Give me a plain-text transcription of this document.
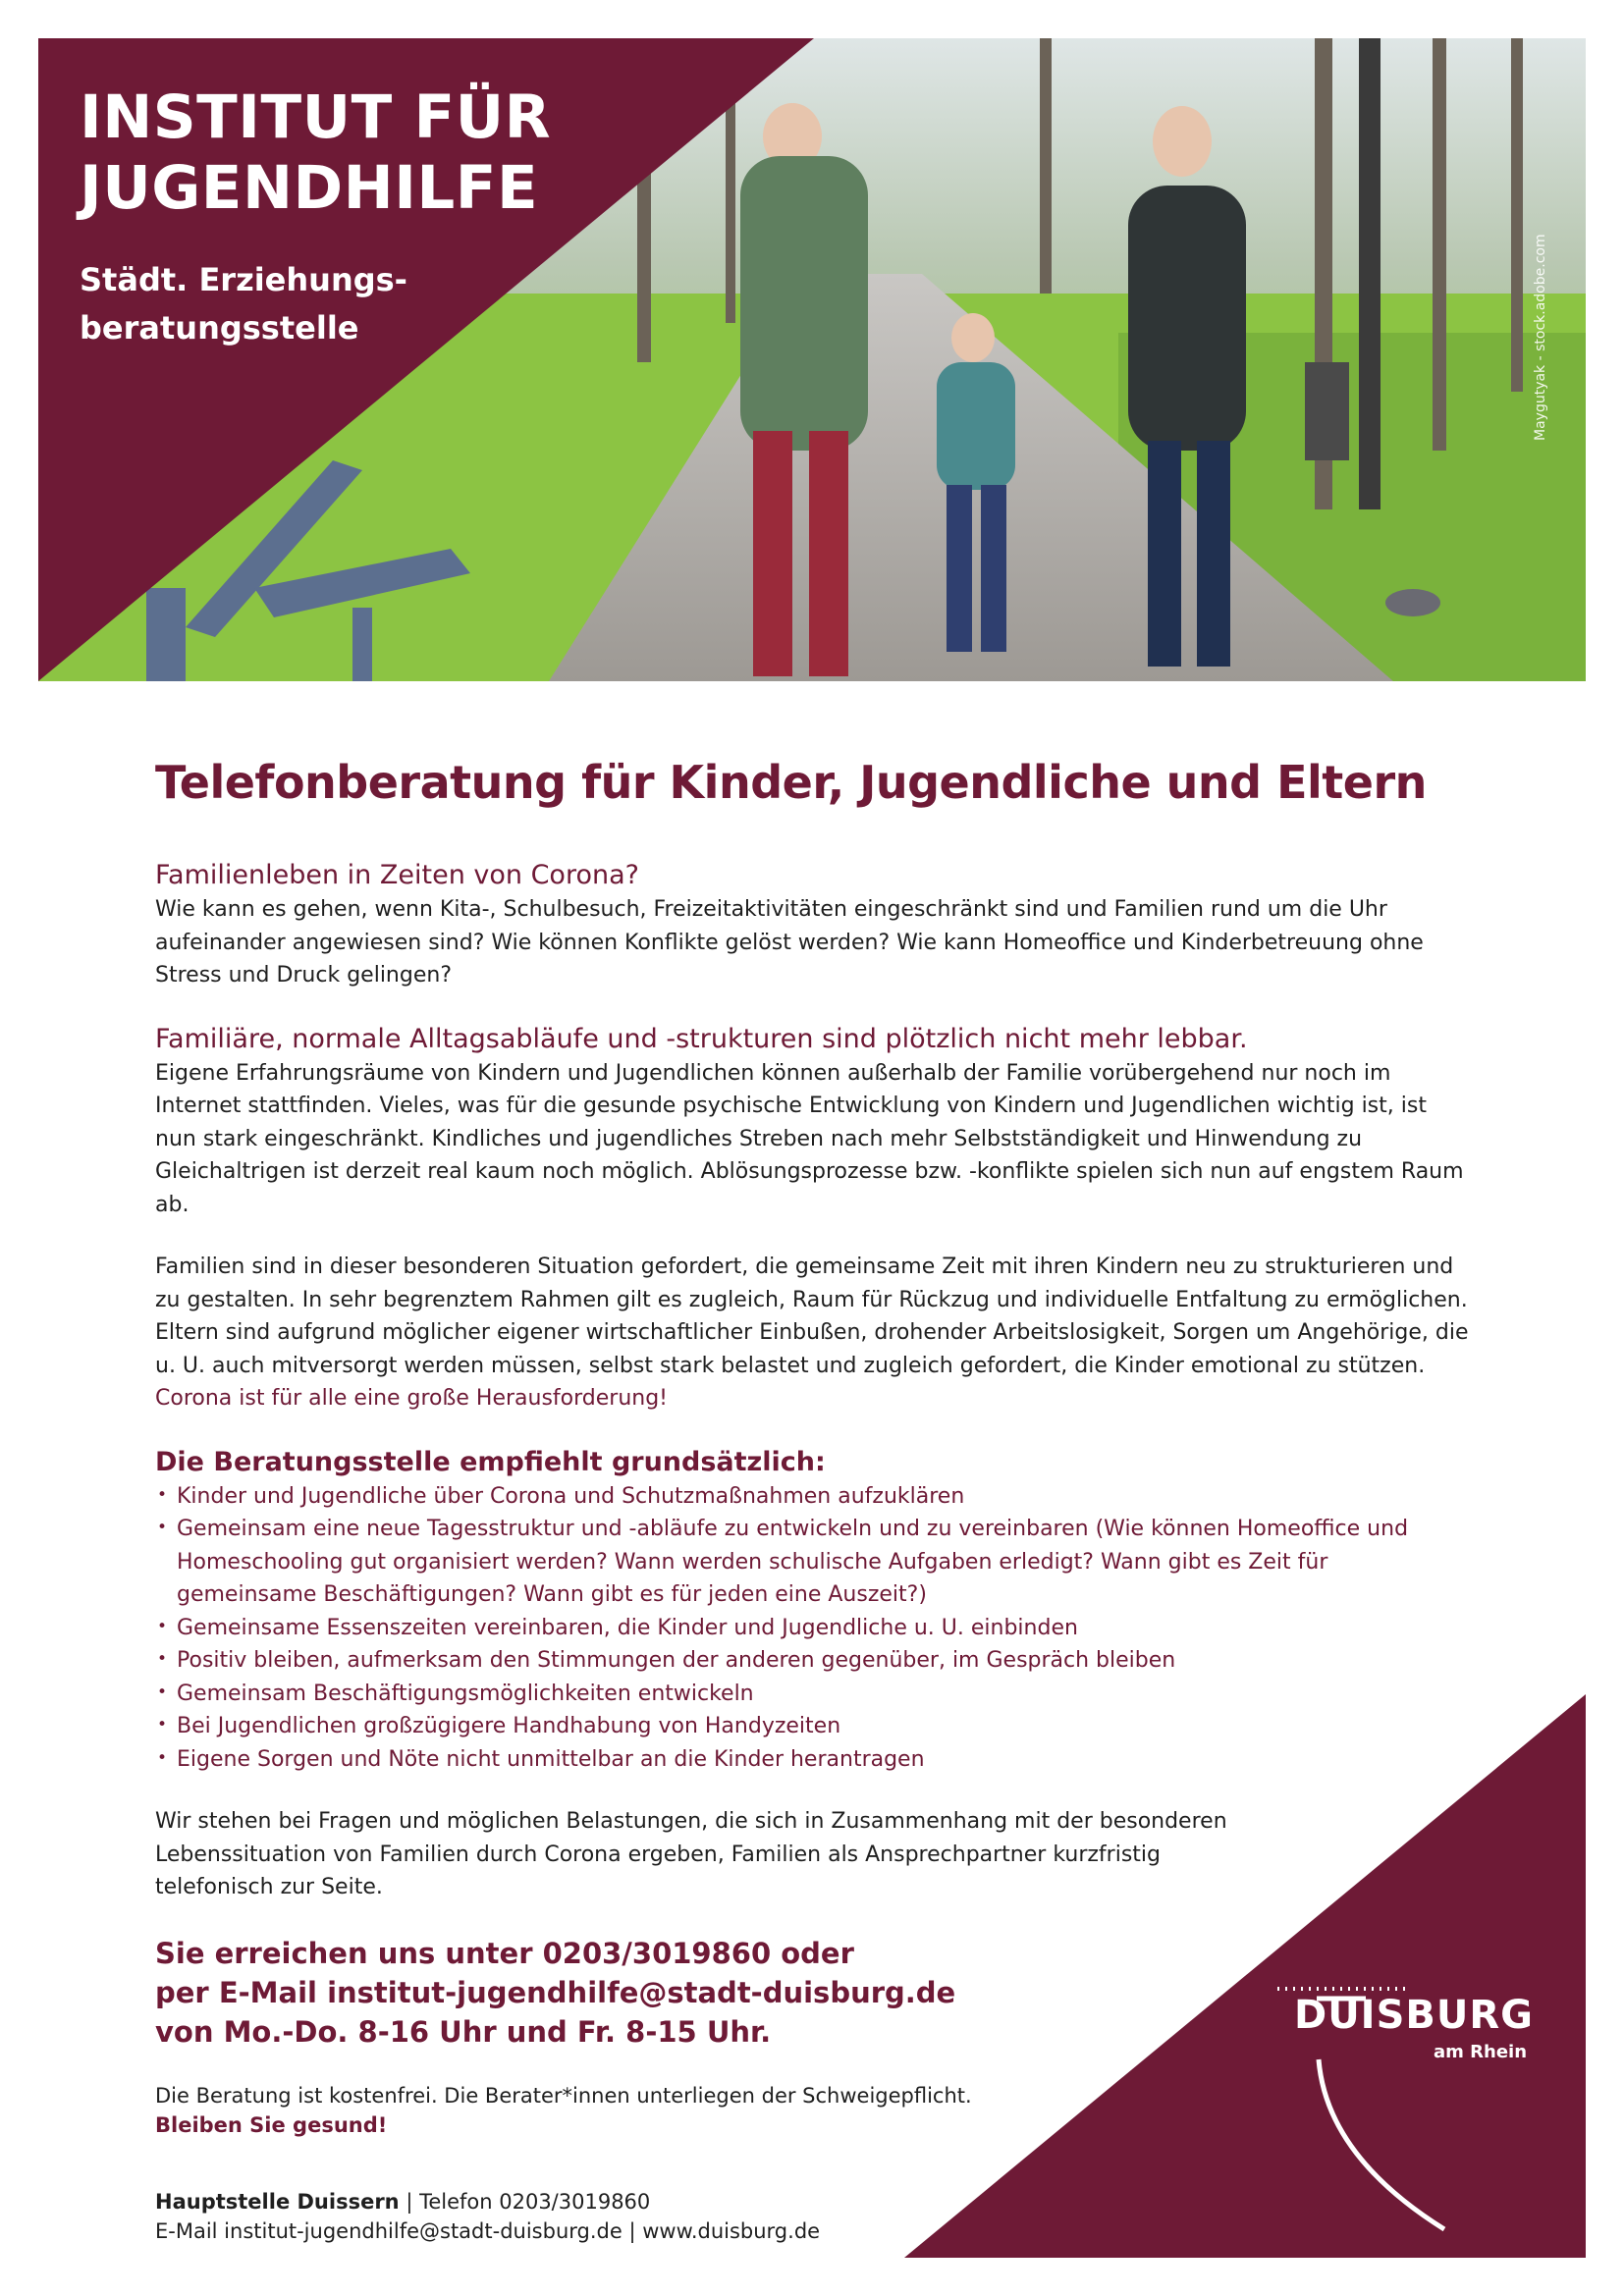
INSTITUT FÜR
JUGENDHILFE
Städt. Erziehungs-
beratungsstelle	Maygutyak - stock.adobe.com
Telefonberatung für Kinder, Jugendliche und Eltern
Familienleben in Zeiten von Corona?

Wie kann es gehen, wenn Kita-, Schulbesuch, Freizeitaktivitäten eingeschränkt sind und Familien rund um die Uhr aufeinander angewiesen sind? Wie können Konflikte gelöst werden? Wie kann Homeoffice und Kinderbetreuung ohne Stress und Druck gelingen?

Familiäre, normale Alltagsabläufe und -strukturen sind plötzlich nicht mehr lebbar.

Eigene Erfahrungsräume von Kindern und Jugendlichen können außerhalb der Familie vorübergehend nur noch im Internet stattfinden. Vieles, was für die gesunde psychische Entwicklung von Kindern und Jugendlichen wichtig ist, ist nun stark eingeschränkt. Kindliches und jugendliches Streben nach mehr Selbstständigkeit und Hinwendung zu Gleichaltrigen ist derzeit real kaum noch möglich. Ablösungsprozesse bzw. -konflikte spielen sich nun auf engstem Raum ab.

Familien sind in dieser besonderen Situation gefordert, die gemeinsame Zeit mit ihren Kindern neu zu strukturieren und zu gestalten. In sehr begrenztem Rahmen gilt es zugleich, Raum für Rückzug und individuelle Entfaltung zu ermöglichen. Eltern sind aufgrund möglicher eigener wirtschaftlicher Einbußen, drohender Arbeitslosigkeit, Sorgen um Angehörige, die u. U. auch mitversorgt werden müssen, selbst stark belastet und zugleich gefordert, die Kinder emotional zu stützen. Corona ist für alle eine große Herausforderung!

Die Beratungsstelle empfiehlt grundsätzlich:
• Kinder und Jugendliche über Corona und Schutzmaßnahmen aufzuklären
• Gemeinsam eine neue Tagesstruktur und -abläufe zu entwickeln und zu vereinbaren (Wie können Homeoffice und Homeschooling gut organisiert werden? Wann werden schulische Aufgaben erledigt? Wann gibt es Zeit für gemeinsame Beschäftigungen? Wann gibt es für jeden eine Auszeit?)
• Gemeinsame Essenszeiten vereinbaren, die Kinder und Jugendliche u. U. einbinden
• Positiv bleiben, aufmerksam den Stimmungen der anderen gegenüber, im Gespräch bleiben
• Gemeinsam Beschäftigungsmöglichkeiten entwickeln
• Bei Jugendlichen großzügigere Handhabung von Handyzeiten
• Eigene Sorgen und Nöte nicht unmittelbar an die Kinder herantragen

Wir stehen bei Fragen und möglichen Belastungen, die sich in Zusammenhang mit der besonderen Lebenssituation von Familien durch Corona ergeben, Familien als Ansprechpartner kurzfristig telefonisch zur Seite.

Sie erreichen uns unter 0203/3019860 oder
per E-Mail institut-jugendhilfe@stadt-duisburg.de
von Mo.-Do. 8-16 Uhr und Fr. 8-15 Uhr.

Die Beratung ist kostenfrei. Die Berater*innen unterliegen der Schweigepflicht.

Bleiben Sie gesund!

Hauptstelle Duissern | Telefon 0203/3019860
E-Mail institut-jugendhilfe@stadt-duisburg.de | www.duisburg.de
DUISBURG
am Rhein
